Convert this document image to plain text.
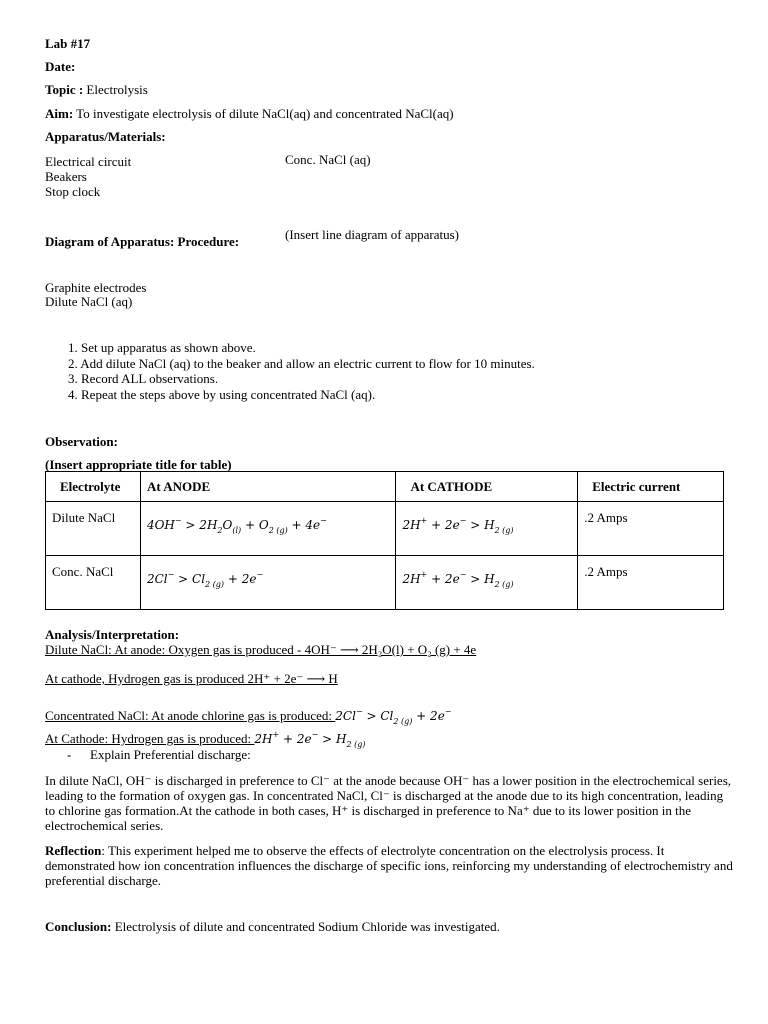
Lab #17
Date:
Topic : Electrolysis
Aim: To investigate electrolysis of dilute NaCl(aq) and concentrated NaCl(aq)
Apparatus/Materials:
Electrical circuit
Beakers
Stop clock
Conc. NaCl (aq)
Diagram of Apparatus: Procedure:	(Insert line diagram of apparatus)
Graphite electrodes
Dilute NaCl (aq)
1. Set up apparatus as shown above.
2. Add dilute NaCl (aq) to the beaker and allow an electric current to flow for 10 minutes.
3. Record ALL observations.
4. Repeat the steps above by using concentrated NaCl (aq).
Observation:
(Insert appropriate title for table)
Electrolyte	At ANODE	At CATHODE	Electric current
Dilute NaCl	$4OH^- > 2H_2O_{(l)} + O_{2 (g)} + 4e^-$	$2H^+ + 2e^- > H_{2 (g)}$	.2 Amps
Conc. NaCl	$2Cl^- > Cl_{2 (g)} + 2e^-$	$2H^+ + 2e^- > H_{2 (g)}$	.2 Amps
Analysis/Interpretation:
Dilute NaCl: At anode: Oxygen gas is produced - 4OH⁻ ⟶ 2H₂O(l) + O₂ (g) + 4e
At cathode, Hydrogen gas is produced 2H⁺ + 2e⁻ ⟶ H
Concentrated NaCl: At anode chlorine gas is produced: $2Cl^- > Cl_{2 (g)} + 2e^-$
At Cathode: Hydrogen gas is produced: $2H^+ + 2e^- > H_{2 (g)}$
- Explain Preferential discharge:
In dilute NaCl, OH⁻ is discharged in preference to Cl⁻ at the anode because OH⁻ has a lower position in the electrochemical series, leading to the formation of oxygen gas. In concentrated NaCl, Cl⁻ is discharged at the anode due to its high concentration, leading to chlorine gas formation.At the cathode in both cases, H⁺ is discharged in preference to Na⁺ due to its lower position in the electrochemical series.
Reflection: This experiment helped me to observe the effects of electrolyte concentration on the electrolysis process. It demonstrated how ion concentration influences the discharge of specific ions, reinforcing my understanding of electrochemistry and preferential discharge.
Conclusion: Electrolysis of dilute and concentrated Sodium Chloride was investigated.
